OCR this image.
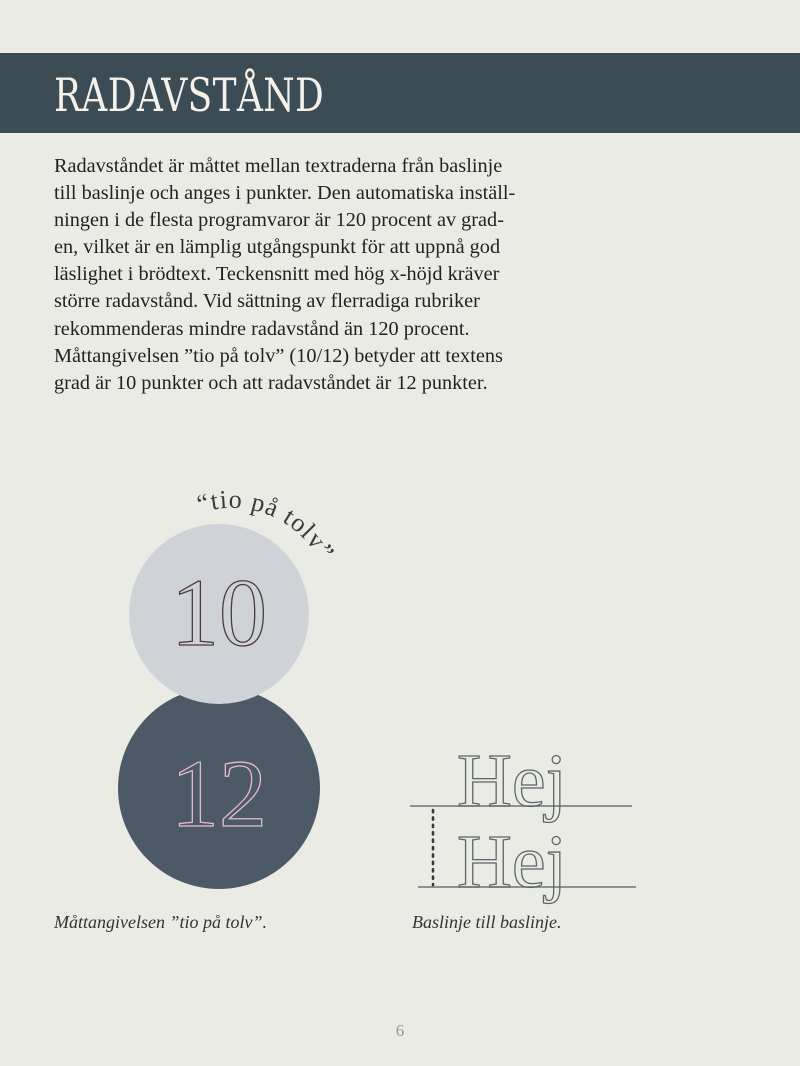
RADAVSTÅND
Radavståndet är måttet mellan textraderna från baslinje
till baslinje och anges i punkter. Den automatiska inställ-
ningen i de flesta programvaror är 120 procent av grad-
en, vilket är en lämplig utgångspunkt för att uppnå god
läslighet i brödtext. Teckensnitt med hög x-höjd kräver
större radavstånd. Vid sättning av flerradiga rubriker
rekommenderas mindre radavstånd än 120 procent.
Måttangivelsen ”tio på tolv” (10/12) betyder att textens
grad är 10 punkter och att radavståndet är 12 punkter.
“tio på tolv”
10
12	Hej
Hej
Måttangivelsen ”tio på tolv”.	Baslinje till baslinje.
6
